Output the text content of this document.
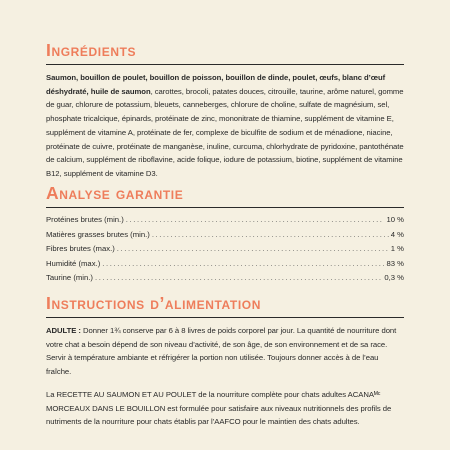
Ingrédients

Saumon, bouillon de poulet, bouillon de poisson, bouillon de dinde, poulet, œufs, blanc d’œuf déshydraté, huile de saumon, carottes, brocoli, patates douces, citrouille, taurine, arôme naturel, gomme de guar, chlorure de potassium, bleuets, canneberges, chlorure de choline, sulfate de magnésium, sel, phosphate tricalcique, épinards, protéinate de zinc, mononitrate de thiamine, supplément de vitamine E, supplément de vitamine A, protéinate de fer, complexe de biculfite de sodium et de ménadione, niacine, protéinate de cuivre, protéinate de manganèse, inuline, curcuma, chlorhydrate de pyridoxine, pantothénate de calcium, supplément de riboflavine, acide folique, iodure de potassium, biotine, supplément de vitamine B12, supplément de vitamine D3.

Analyse garantie
Protéines brutes (min.) .....	10 %
Matières grasses brutes (min.) .....	4 %
Fibres brutes (max.) .....	1 %
Humidité (max.) .....	83 %
Taurine (min.) .....	0,3 %
Instructions d’alimentation

ADULTE : Donner 1¾ conserve par 6 à 8 livres de poids corporel par jour. La quantité de nourriture dont votre chat a besoin dépend de son niveau d’activité, de son âge, de son environnement et de sa race. Servir à température ambiante et réfrigérer la portion non utilisée. Toujours donner accès à de l’eau fraîche.

La RECETTE AU SAUMON ET AU POULET de la nourriture complète pour chats adultes ACANAᴹᶜ MORCEAUX DANS LE BOUILLON est formulée pour satisfaire aux niveaux nutritionnels des profils de nutriments de la nourriture pour chats établis par l’AAFCO pour le maintien des chats adultes.
